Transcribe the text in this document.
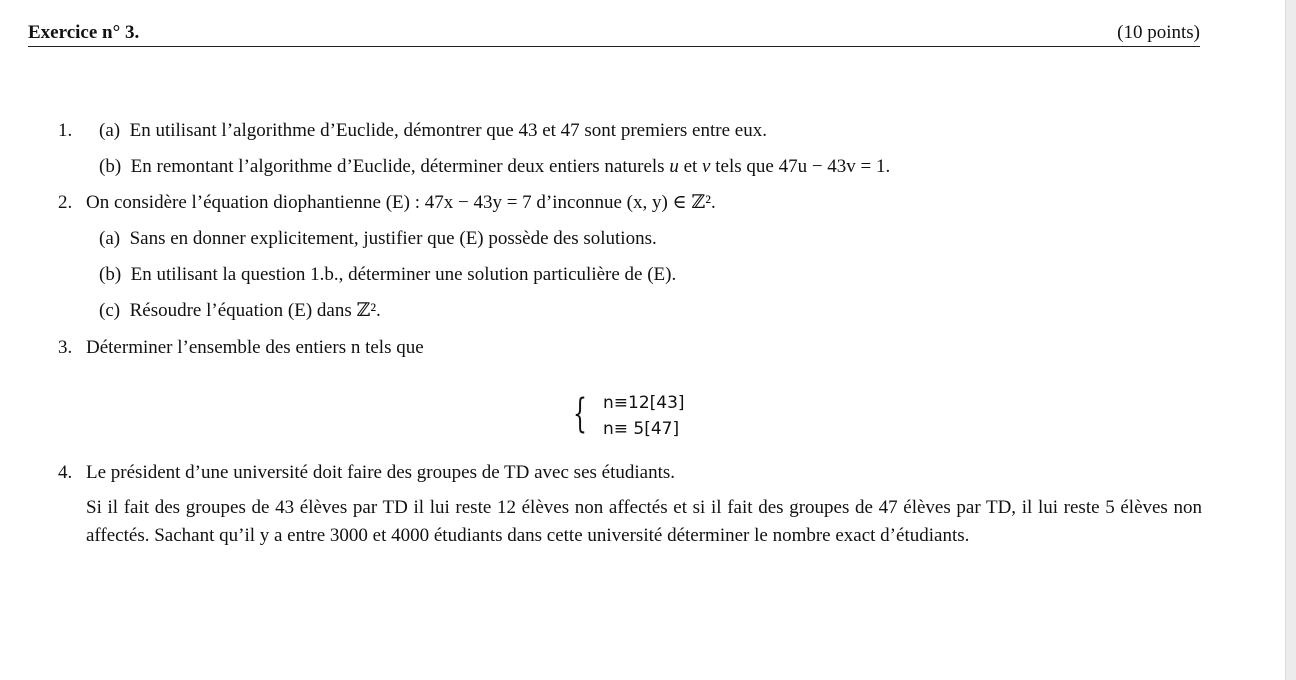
Exercice n° 3.	(10 points)
1. (a) En utilisant l’algorithme d’Euclide, démontrer que 43 et 47 sont premiers entre eux.
(b) En remontant l’algorithme d’Euclide, déterminer deux entiers naturels u et v tels que 47u − 43v = 1.
2. On considère l’équation diophantienne (E) : 47x − 43y = 7 d’inconnue (x, y) ∈ ℤ².
(a) Sans en donner explicitement, justifier que (E) possède des solutions.
(b) En utilisant la question 1.b., déterminer une solution particulière de (E).
(c) Résoudre l’équation (E) dans ℤ².
3. Déterminer l’ensemble des entiers n tels que
{ n≡12[43]
n≡ 5[47]
4. Le président d’une université doit faire des groupes de TD avec ses étudiants.
Si il fait des groupes de 43 élèves par TD il lui reste 12 élèves non affectés et si il fait des groupes de 47 élèves par TD, il lui reste 5 élèves non affectés. Sachant qu’il y a entre 3000 et 4000 étudiants dans cette université déterminer le nombre exact d’étudiants.
